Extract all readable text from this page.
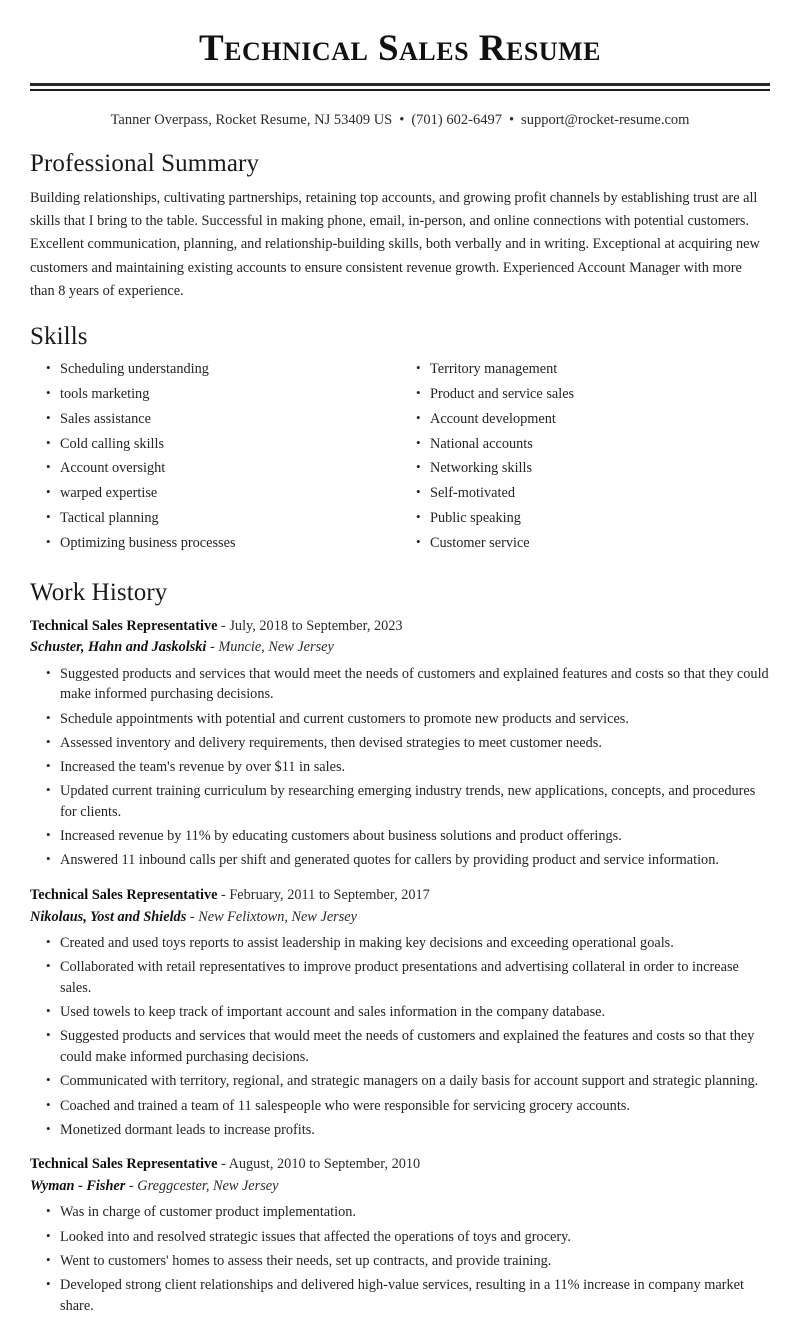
Technical Sales Resume
Tanner Overpass, Rocket Resume, NJ 53409 US • (701) 602-6497 • support@rocket-resume.com
Professional Summary

Building relationships, cultivating partnerships, retaining top accounts, and growing profit channels by establishing trust are all skills that I bring to the table. Successful in making phone, email, in-person, and online connections with potential customers. Excellent communication, planning, and relationship-building skills, both verbally and in writing. Exceptional at acquiring new customers and maintaining existing accounts to ensure consistent revenue growth. Experienced Account Manager with more than 8 years of experience.

Skills
• Scheduling understanding
• tools marketing
• Sales assistance
• Cold calling skills
• Account oversight
• warped expertise
• Tactical planning
• Optimizing business processes
• Territory management
• Product and service sales
• Account development
• National accounts
• Networking skills
• Self-motivated
• Public speaking
• Customer service
Work History
Technical Sales Representative - July, 2018 to September, 2023
Schuster, Hahn and Jaskolski - Muncie, New Jersey
• Suggested products and services that would meet the needs of customers and explained features and costs so that they could make informed purchasing decisions.
• Schedule appointments with potential and current customers to promote new products and services.
• Assessed inventory and delivery requirements, then devised strategies to meet customer needs.
• Increased the team's revenue by over $11 in sales.
• Updated current training curriculum by researching emerging industry trends, new applications, concepts, and procedures for clients.
• Increased revenue by 11% by educating customers about business solutions and product offerings.
• Answered 11 inbound calls per shift and generated quotes for callers by providing product and service information.
Technical Sales Representative - February, 2011 to September, 2017
Nikolaus, Yost and Shields - New Felixtown, New Jersey
• Created and used toys reports to assist leadership in making key decisions and exceeding operational goals.
• Collaborated with retail representatives to improve product presentations and advertising collateral in order to increase sales.
• Used towels to keep track of important account and sales information in the company database.
• Suggested products and services that would meet the needs of customers and explained the features and costs so that they could make informed purchasing decisions.
• Communicated with territory, regional, and strategic managers on a daily basis for account support and strategic planning.
• Coached and trained a team of 11 salespeople who were responsible for servicing grocery accounts.
• Monetized dormant leads to increase profits.
Technical Sales Representative - August, 2010 to September, 2010
Wyman - Fisher - Greggcester, New Jersey
• Was in charge of customer product implementation.
• Looked into and resolved strategic issues that affected the operations of toys and grocery.
• Went to customers' homes to assess their needs, set up contracts, and provide training.
• Developed strong client relationships and delivered high-value services, resulting in a 11% increase in company market share.
